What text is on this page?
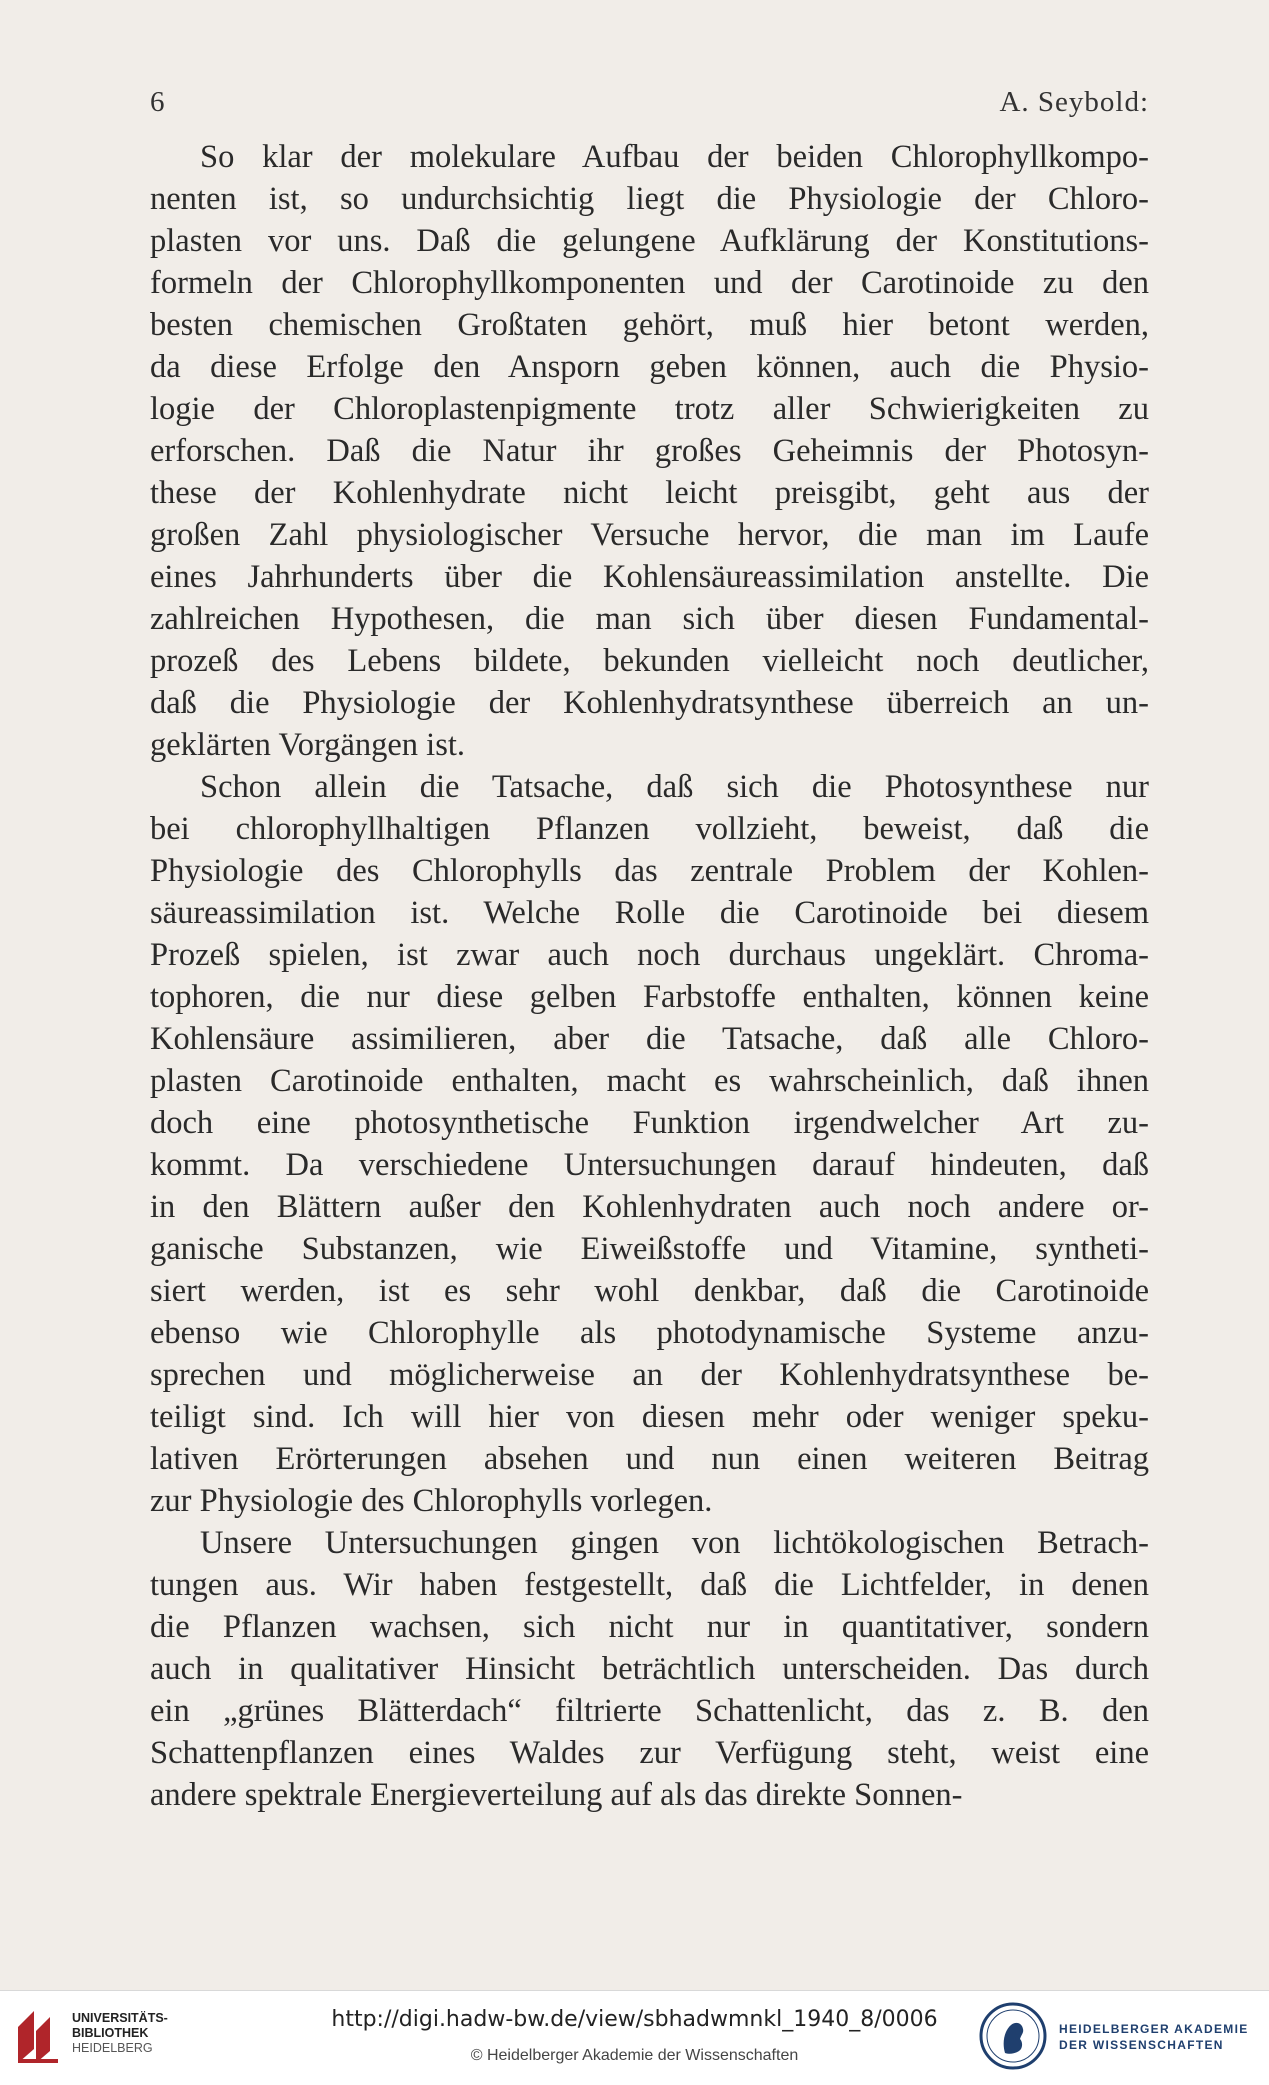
6	A. Seybold:
So klar der molekulare Aufbau der beiden Chlorophyllkompo-
nenten ist, so undurchsichtig liegt die Physiologie der Chloro-
plasten vor uns. Daß die gelungene Aufklärung der Konstitutions-
formeln der Chlorophyllkomponenten und der Carotinoide zu den
besten chemischen Großtaten gehört, muß hier betont werden,
da diese Erfolge den Ansporn geben können, auch die Physio-
logie der Chloroplastenpigmente trotz aller Schwierigkeiten zu
erforschen. Daß die Natur ihr großes Geheimnis der Photosyn-
these der Kohlenhydrate nicht leicht preisgibt, geht aus der
großen Zahl physiologischer Versuche hervor, die man im Laufe
eines Jahrhunderts über die Kohlensäureassimilation anstellte. Die
zahlreichen Hypothesen, die man sich über diesen Fundamental-
prozeß des Lebens bildete, bekunden vielleicht noch deutlicher,
daß die Physiologie der Kohlenhydratsynthese überreich an un-
geklärten Vorgängen ist.
Schon allein die Tatsache, daß sich die Photosynthese nur
bei chlorophyllhaltigen Pflanzen vollzieht, beweist, daß die
Physiologie des Chlorophylls das zentrale Problem der Kohlen-
säureassimilation ist. Welche Rolle die Carotinoide bei diesem
Prozeß spielen, ist zwar auch noch durchaus ungeklärt. Chroma-
tophoren, die nur diese gelben Farbstoffe enthalten, können keine
Kohlensäure assimilieren, aber die Tatsache, daß alle Chloro-
plasten Carotinoide enthalten, macht es wahrscheinlich, daß ihnen
doch eine photosynthetische Funktion irgendwelcher Art zu-
kommt. Da verschiedene Untersuchungen darauf hindeuten, daß
in den Blättern außer den Kohlenhydraten auch noch andere or-
ganische Substanzen, wie Eiweißstoffe und Vitamine, syntheti-
siert werden, ist es sehr wohl denkbar, daß die Carotinoide
ebenso wie Chlorophylle als photodynamische Systeme anzu-
sprechen und möglicherweise an der Kohlenhydratsynthese be-
teiligt sind. Ich will hier von diesen mehr oder weniger speku-
lativen Erörterungen absehen und nun einen weiteren Beitrag
zur Physiologie des Chlorophylls vorlegen.
Unsere Untersuchungen gingen von lichtökologischen Betrach-
tungen aus. Wir haben festgestellt, daß die Lichtfelder, in denen
die Pflanzen wachsen, sich nicht nur in quantitativer, sondern
auch in qualitativer Hinsicht beträchtlich unterscheiden. Das durch
ein „grünes Blätterdach“ filtrierte Schattenlicht, das z. B. den
Schattenpflanzen eines Waldes zur Verfügung steht, weist eine
andere spektrale Energieverteilung auf als das direkte Sonnen-
UNIVERSITÄTS-
BIBLIOTHEK
HEIDELBERG
http://digi.hadw-bw.de/view/sbhadwmnkl_1940_8/0006
© Heidelberger Akademie der Wissenschaften
HEIDELBERGER AKADEMIE
DER WISSENSCHAFTEN
